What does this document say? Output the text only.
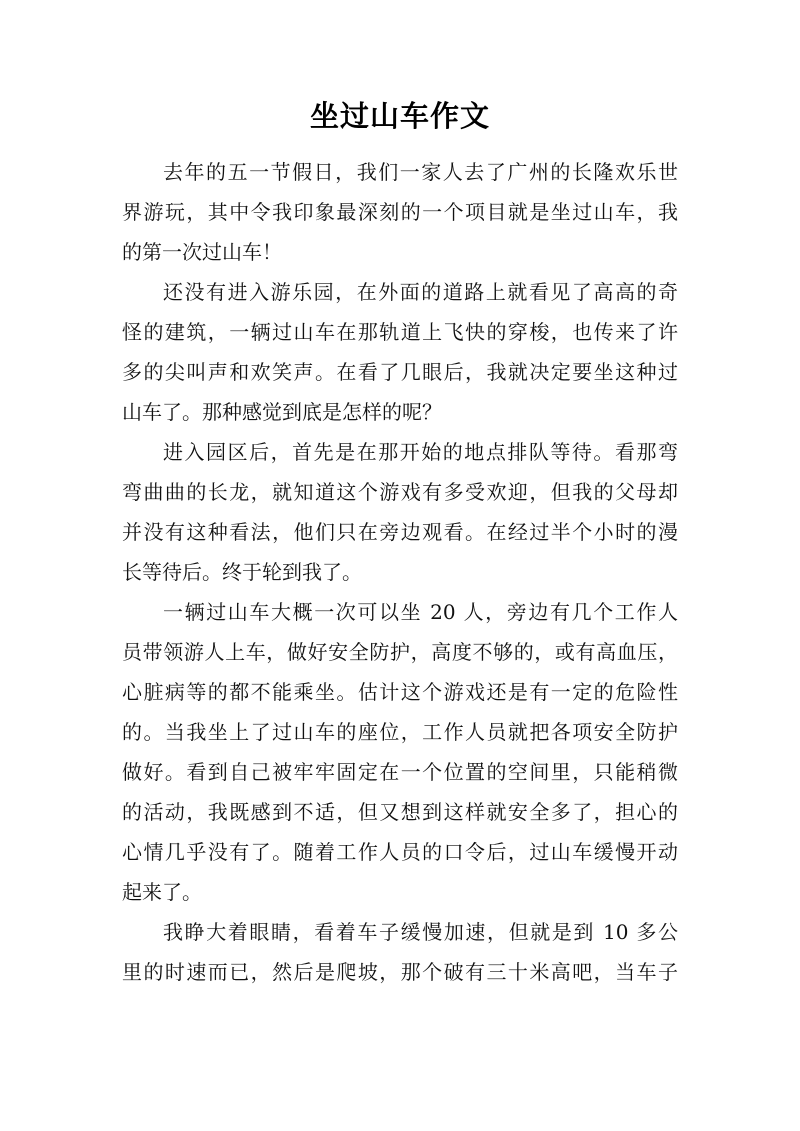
坐过山车作文
去年的五一节假日，我们一家人去了广州的长隆欢乐世
界游玩，其中令我印象最深刻的一个项目就是坐过山车，我
的第一次过山车！
还没有进入游乐园，在外面的道路上就看见了高高的奇
怪的建筑，一辆过山车在那轨道上飞快的穿梭，也传来了许
多的尖叫声和欢笑声。在看了几眼后，我就决定要坐这种过
山车了。那种感觉到底是怎样的呢？
进入园区后，首先是在那开始的地点排队等待。看那弯
弯曲曲的长龙，就知道这个游戏有多受欢迎，但我的父母却
并没有这种看法，他们只在旁边观看。在经过半个小时的漫
长等待后。终于轮到我了。
一辆过山车大概一次可以坐 20 人，旁边有几个工作人
员带领游人上车，做好安全防护，高度不够的，或有高血压，
心脏病等的都不能乘坐。估计这个游戏还是有一定的危险性
的。当我坐上了过山车的座位，工作人员就把各项安全防护
做好。看到自己被牢牢固定在一个位置的空间里，只能稍微
的活动，我既感到不适，但又想到这样就安全多了，担心的
心情几乎没有了。随着工作人员的口令后，过山车缓慢开动
起来了。
我睁大着眼睛，看着车子缓慢加速，但就是到 10 多公
里的时速而已，然后是爬坡，那个破有三十米高吧，当车子
